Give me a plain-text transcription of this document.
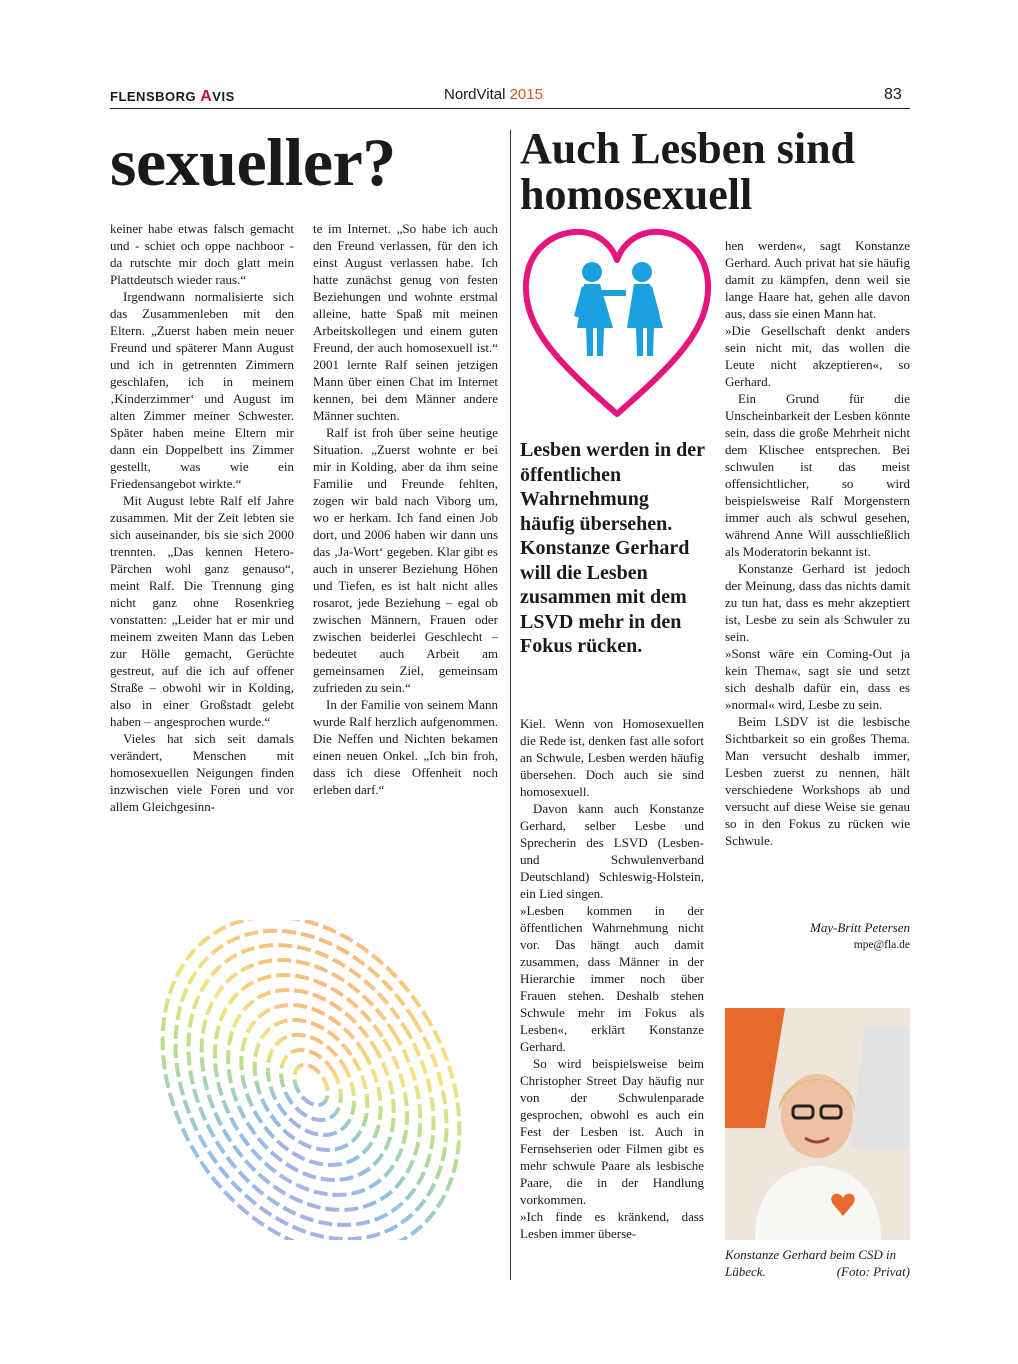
FLENSBORG AVIS	NordVital 2015	83
sexueller?

keiner habe etwas falsch gemacht und - schiet och oppe nachboor - da rutschte mir doch glatt mein Plattdeutsch wieder raus.“

Irgendwann normalisierte sich das Zusammenleben mit den Eltern. „Zuerst haben mein neuer Freund und späterer Mann August und ich in getrennten Zimmern geschlafen, ich in meinem ‚Kinderzimmer‘ und August im alten Zimmer meiner Schwester. Später haben meine Eltern mir dann ein Doppelbett ins Zimmer gestellt, was wie ein Friedensangebot wirkte.“

Mit August lebte Ralf elf Jahre zusammen. Mit der Zeit lebten sie sich auseinander, bis sie sich 2000 trennten. „Das kennen Hetero-Pärchen wohl ganz genauso“, meint Ralf. Die Trennung ging nicht ganz ohne Rosenkrieg vonstatten: „Leider hat er mir und meinem zweiten Mann das Leben zur Hölle gemacht, Gerüchte gestreut, auf die ich auf offener Straße – obwohl wir in Kolding, also in einer Großstadt gelebt haben – angesprochen wurde.“

Vieles hat sich seit damals verändert, Menschen mit homosexuellen Neigungen finden inzwischen viele Foren und vor allem Gleichgesinn-

te im Internet. „So habe ich auch den Freund verlassen, für den ich einst August verlassen habe. Ich hatte zunächst genug von festen Beziehungen und wohnte erstmal alleine, hatte Spaß mit meinen Arbeitskollegen und einem guten Freund, der auch homosexuell ist.“ 2001 lernte Ralf seinen jetzigen Mann über einen Chat im Internet kennen, bei dem Männer andere Männer suchten.

Ralf ist froh über seine heutige Situation. „Zuerst wohnte er bei mir in Kolding, aber da ihm seine Familie und Freunde fehlten, zogen wir bald nach Viborg um, wo er herkam. Ich fand einen Job dort, und 2006 haben wir dann uns das ‚Ja-Wort‘ gegeben. Klar gibt es auch in unserer Beziehung Höhen und Tiefen, es ist halt nicht alles rosarot, jede Beziehung – egal ob zwischen Männern, Frauen oder zwischen beiderlei Geschlecht – bedeutet auch Arbeit am gemeinsamen Ziel, gemeinsam zufrieden zu sein.“

In der Familie von seinem Mann wurde Ralf herzlich aufgenommen. Die Neffen und Nichten bekamen einen neuen Onkel. „Ich bin froh, dass ich diese Offenheit noch erleben darf.“

Auch Lesben sind homosexuell
Lesben werden in der öffentlichen Wahrnehmung häufig übersehen. Konstanze Gerhard will die Lesben zusammen mit dem LSVD mehr in den Fokus rücken.

Kiel. Wenn von Homosexuellen die Rede ist, denken fast alle sofort an Schwule, Lesben werden häufig übersehen. Doch auch sie sind homosexuell.

Davon kann auch Konstanze Gerhard, selber Lesbe und Sprecherin des LSVD (Lesben- und Schwulenverband Deutschland) Schleswig-Holstein, ein Lied singen.

»Lesben kommen in der öffentlichen Wahrnehmung nicht vor. Das hängt auch damit zusammen, dass Männer in der Hierarchie immer noch über Frauen stehen. Deshalb stehen Schwule mehr im Fokus als Lesben«, erklärt Konstanze Gerhard.

So wird beispielsweise beim Christopher Street Day häufig nur von der Schwulenparade gesprochen, obwohl es auch ein Fest der Lesben ist. Auch in Fernsehserien oder Filmen gibt es mehr schwule Paare als lesbische Paare, die in der Handlung vorkommen.

»Ich finde es kränkend, dass Lesben immer überse-

hen werden«, sagt Konstanze Gerhard. Auch privat hat sie häufig damit zu kämpfen, denn weil sie lange Haare hat, gehen alle davon aus, dass sie einen Mann hat.

»Die Gesellschaft denkt anders sein nicht mit, das wollen die Leute nicht akzeptieren«, so Gerhard.

Ein Grund für die Unscheinbarkeit der Lesben könnte sein, dass die große Mehrheit nicht dem Klischee entsprechen. Bei schwulen ist das meist offensichtlicher, so wird beispielsweise Ralf Morgenstern immer auch als schwul gesehen, während Anne Will ausschließlich als Moderatorin bekannt ist.

Konstanze Gerhard ist jedoch der Meinung, dass das nichts damit zu tun hat, dass es mehr akzeptiert ist, Lesbe zu sein als Schwuler zu sein.

»Sonst wäre ein Coming-Out ja kein Thema«, sagt sie und setzt sich deshalb dafür ein, dass es »normal« wird, Lesbe zu sein.

Beim LSDV ist die lesbische Sichtbarkeit so ein großes Thema. Man versucht deshalb immer, Lesben zuerst zu nennen, hält verschiedene Workshops ab und versucht auf diese Weise sie genau so in den Fokus zu rücken wie Schwule.

May-Britt Petersen
mpe@fla.de
Konstanze Gerhard beim CSD in
Lübeck.	(Foto: Privat)
